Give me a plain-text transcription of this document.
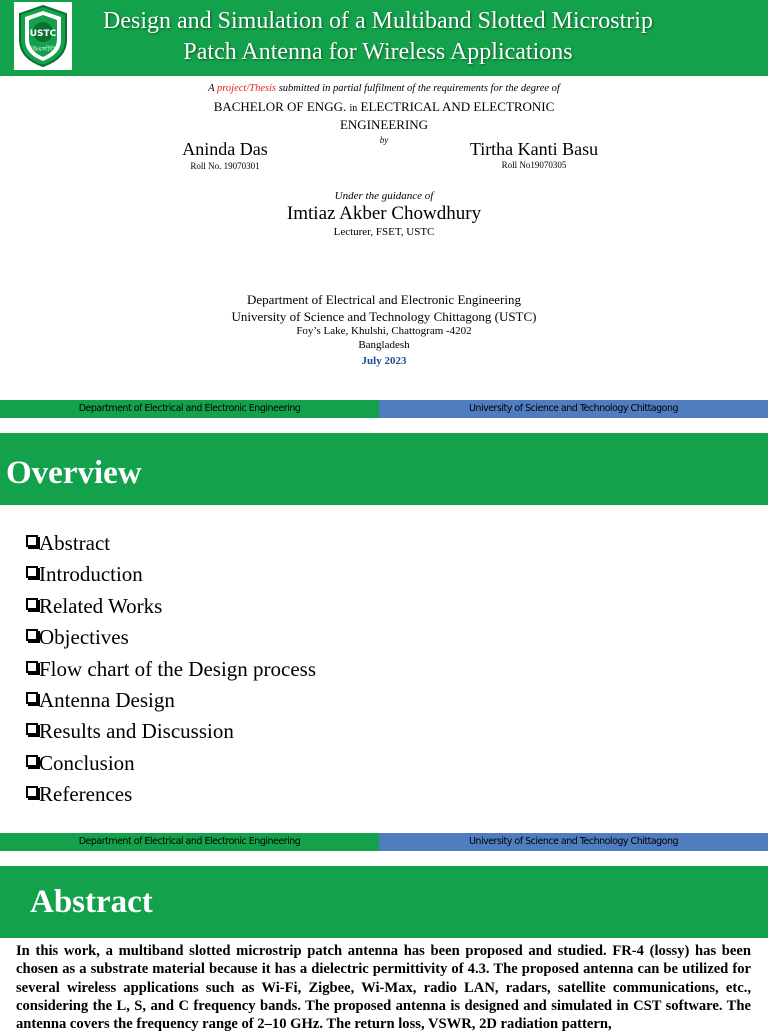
USTC
ইউএসটিসি
Design and Simulation of a Multiband Slotted Microstrip
Patch Antenna for Wireless Applications
A project/Thesis submitted in partial fulfilment of the requirements for the degree of
BACHELOR OF ENGG. in ELECTRICAL AND ELECTRONIC
ENGINEERING
by
Aninda Das
Roll No. 19070301
Tirtha Kanti Basu
Roll No19070305
Under the guidance of
Imtiaz Akber Chowdhury
Lecturer, FSET, USTC
Department of Electrical and Electronic Engineering
University of Science and Technology Chittagong (USTC)
Foy’s Lake, Khulshi, Chattogram -4202
Bangladesh
July 2023
Department of Electrical and Electronic Engineering	University of Science and Technology Chittagong
Overview
Abstract
Introduction
Related Works
Objectives
Flow chart of the Design process
Antenna Design
Results and Discussion
Conclusion
References
Department of Electrical and Electronic Engineering	University of Science and Technology Chittagong
Abstract
In this work, a multiband slotted microstrip patch antenna has been proposed and studied. FR-4 (lossy) has been chosen as a substrate material because it has a dielectric permittivity of 4.3. The proposed antenna can be utilized for several wireless applications such as Wi-Fi, Zigbee, Wi-Max, radio LAN, radars, satellite communications, etc., considering the L, S, and C frequency bands. The proposed antenna is designed and simulated in CST software. The antenna covers the frequency range of 2–10 GHz. The return loss, VSWR, 2D radiation pattern,
